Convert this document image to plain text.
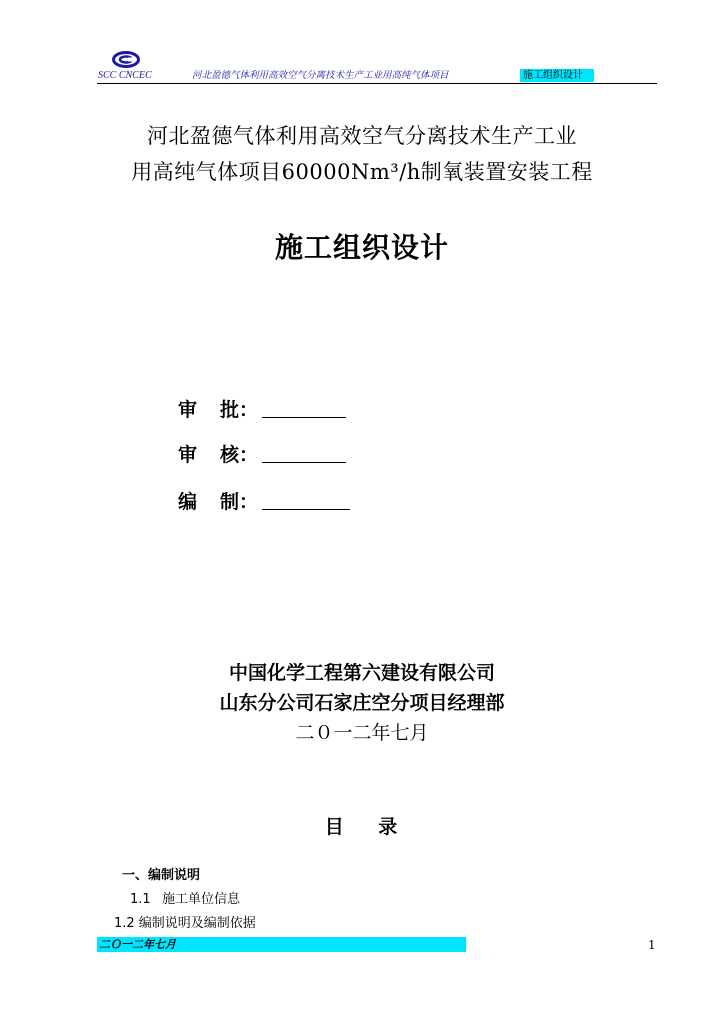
SCC CNCEC	河北盈德气体利用高效空气分离技术生产工业用高纯气体项目	施工组织设计
河北盈德气体利用高效空气分离技术生产工业
用高纯气体项目60000Nm³/h制氧装置安装工程
施工组织设计
审 批：
审 核：
编 制：
中国化学工程第六建设有限公司
山东分公司石家庄空分项目经理部
二０一二年七月
目 录
一、编制说明
1.1 施工单位信息
1.2 编制说明及编制依据
二Ｏ一二年七月	1
